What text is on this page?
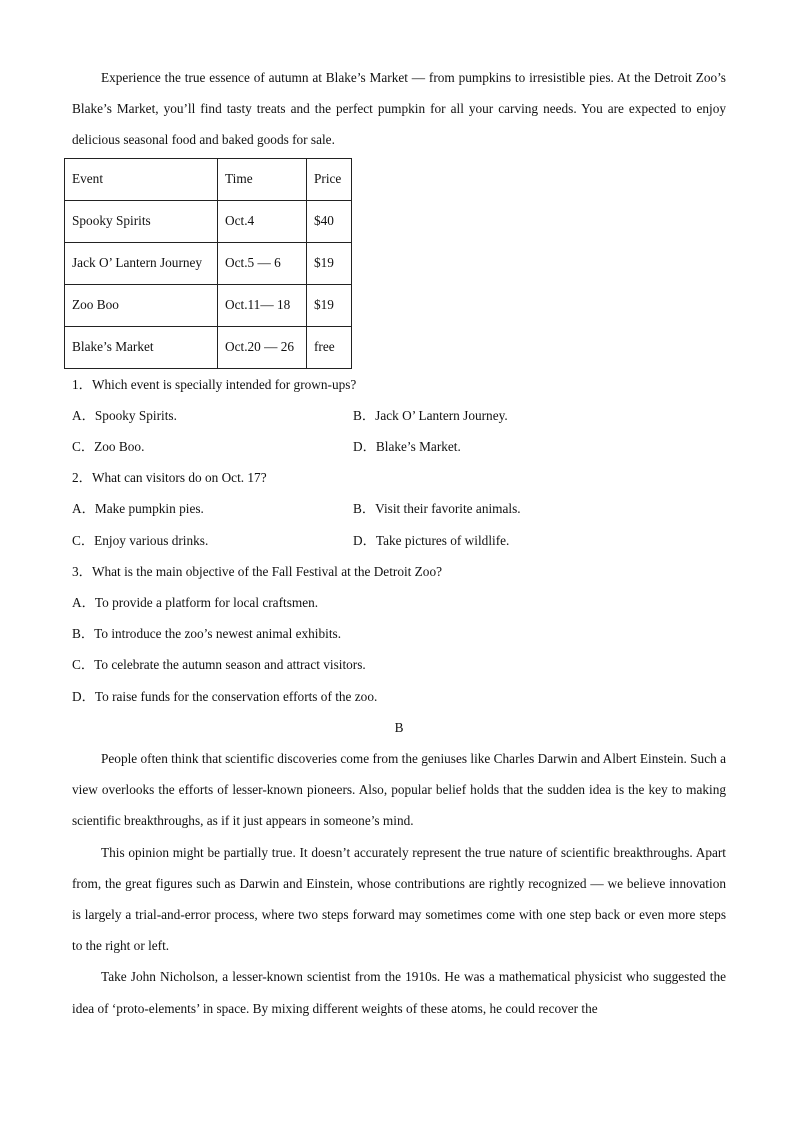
Experience the true essence of autumn at Blake’s Market — from pumpkins to irresistible pies. At the Detroit Zoo’s Blake’s Market, you’ll find tasty treats and the perfect pumpkin for all your carving needs. You are expected to enjoy delicious seasonal food and baked goods for sale.

Event	Time	Price
Spooky Spirits	Oct.4	$40
Jack O’ Lantern Journey	Oct.5 — 6	$19
Zoo Boo	Oct.11— 18	$19
Blake’s Market	Oct.20 — 26	free
1．Which event is specially intended for grown-ups?
A．Spooky Spirits.	B．Jack O’ Lantern Journey.
C．Zoo Boo.	D．Blake’s Market.
2．What can visitors do on Oct. 17?
A．Make pumpkin pies.	B．Visit their favorite animals.
C．Enjoy various drinks.	D．Take pictures of wildlife.
3．What is the main objective of the Fall Festival at the Detroit Zoo?
A．To provide a platform for local craftsmen.
B．To introduce the zoo’s newest animal exhibits.
C．To celebrate the autumn season and attract visitors.
D．To raise funds for the conservation efforts of the zoo.
B

People often think that scientific discoveries come from the geniuses like Charles Darwin and Albert Einstein. Such a view overlooks the efforts of lesser-known pioneers. Also, popular belief holds that the sudden idea is the key to making scientific breakthroughs, as if it just appears in someone’s mind.

This opinion might be partially true. It doesn’t accurately represent the true nature of scientific breakthroughs. Apart from, the great figures such as Darwin and Einstein, whose contributions are rightly recognized — we believe innovation is largely a trial-and-error process, where two steps forward may sometimes come with one step back or even more steps to the right or left.

Take John Nicholson, a lesser-known scientist from the 1910s. He was a mathematical physicist who suggested the idea of ‘proto-elements’ in space. By mixing different weights of these atoms, he could recover the
